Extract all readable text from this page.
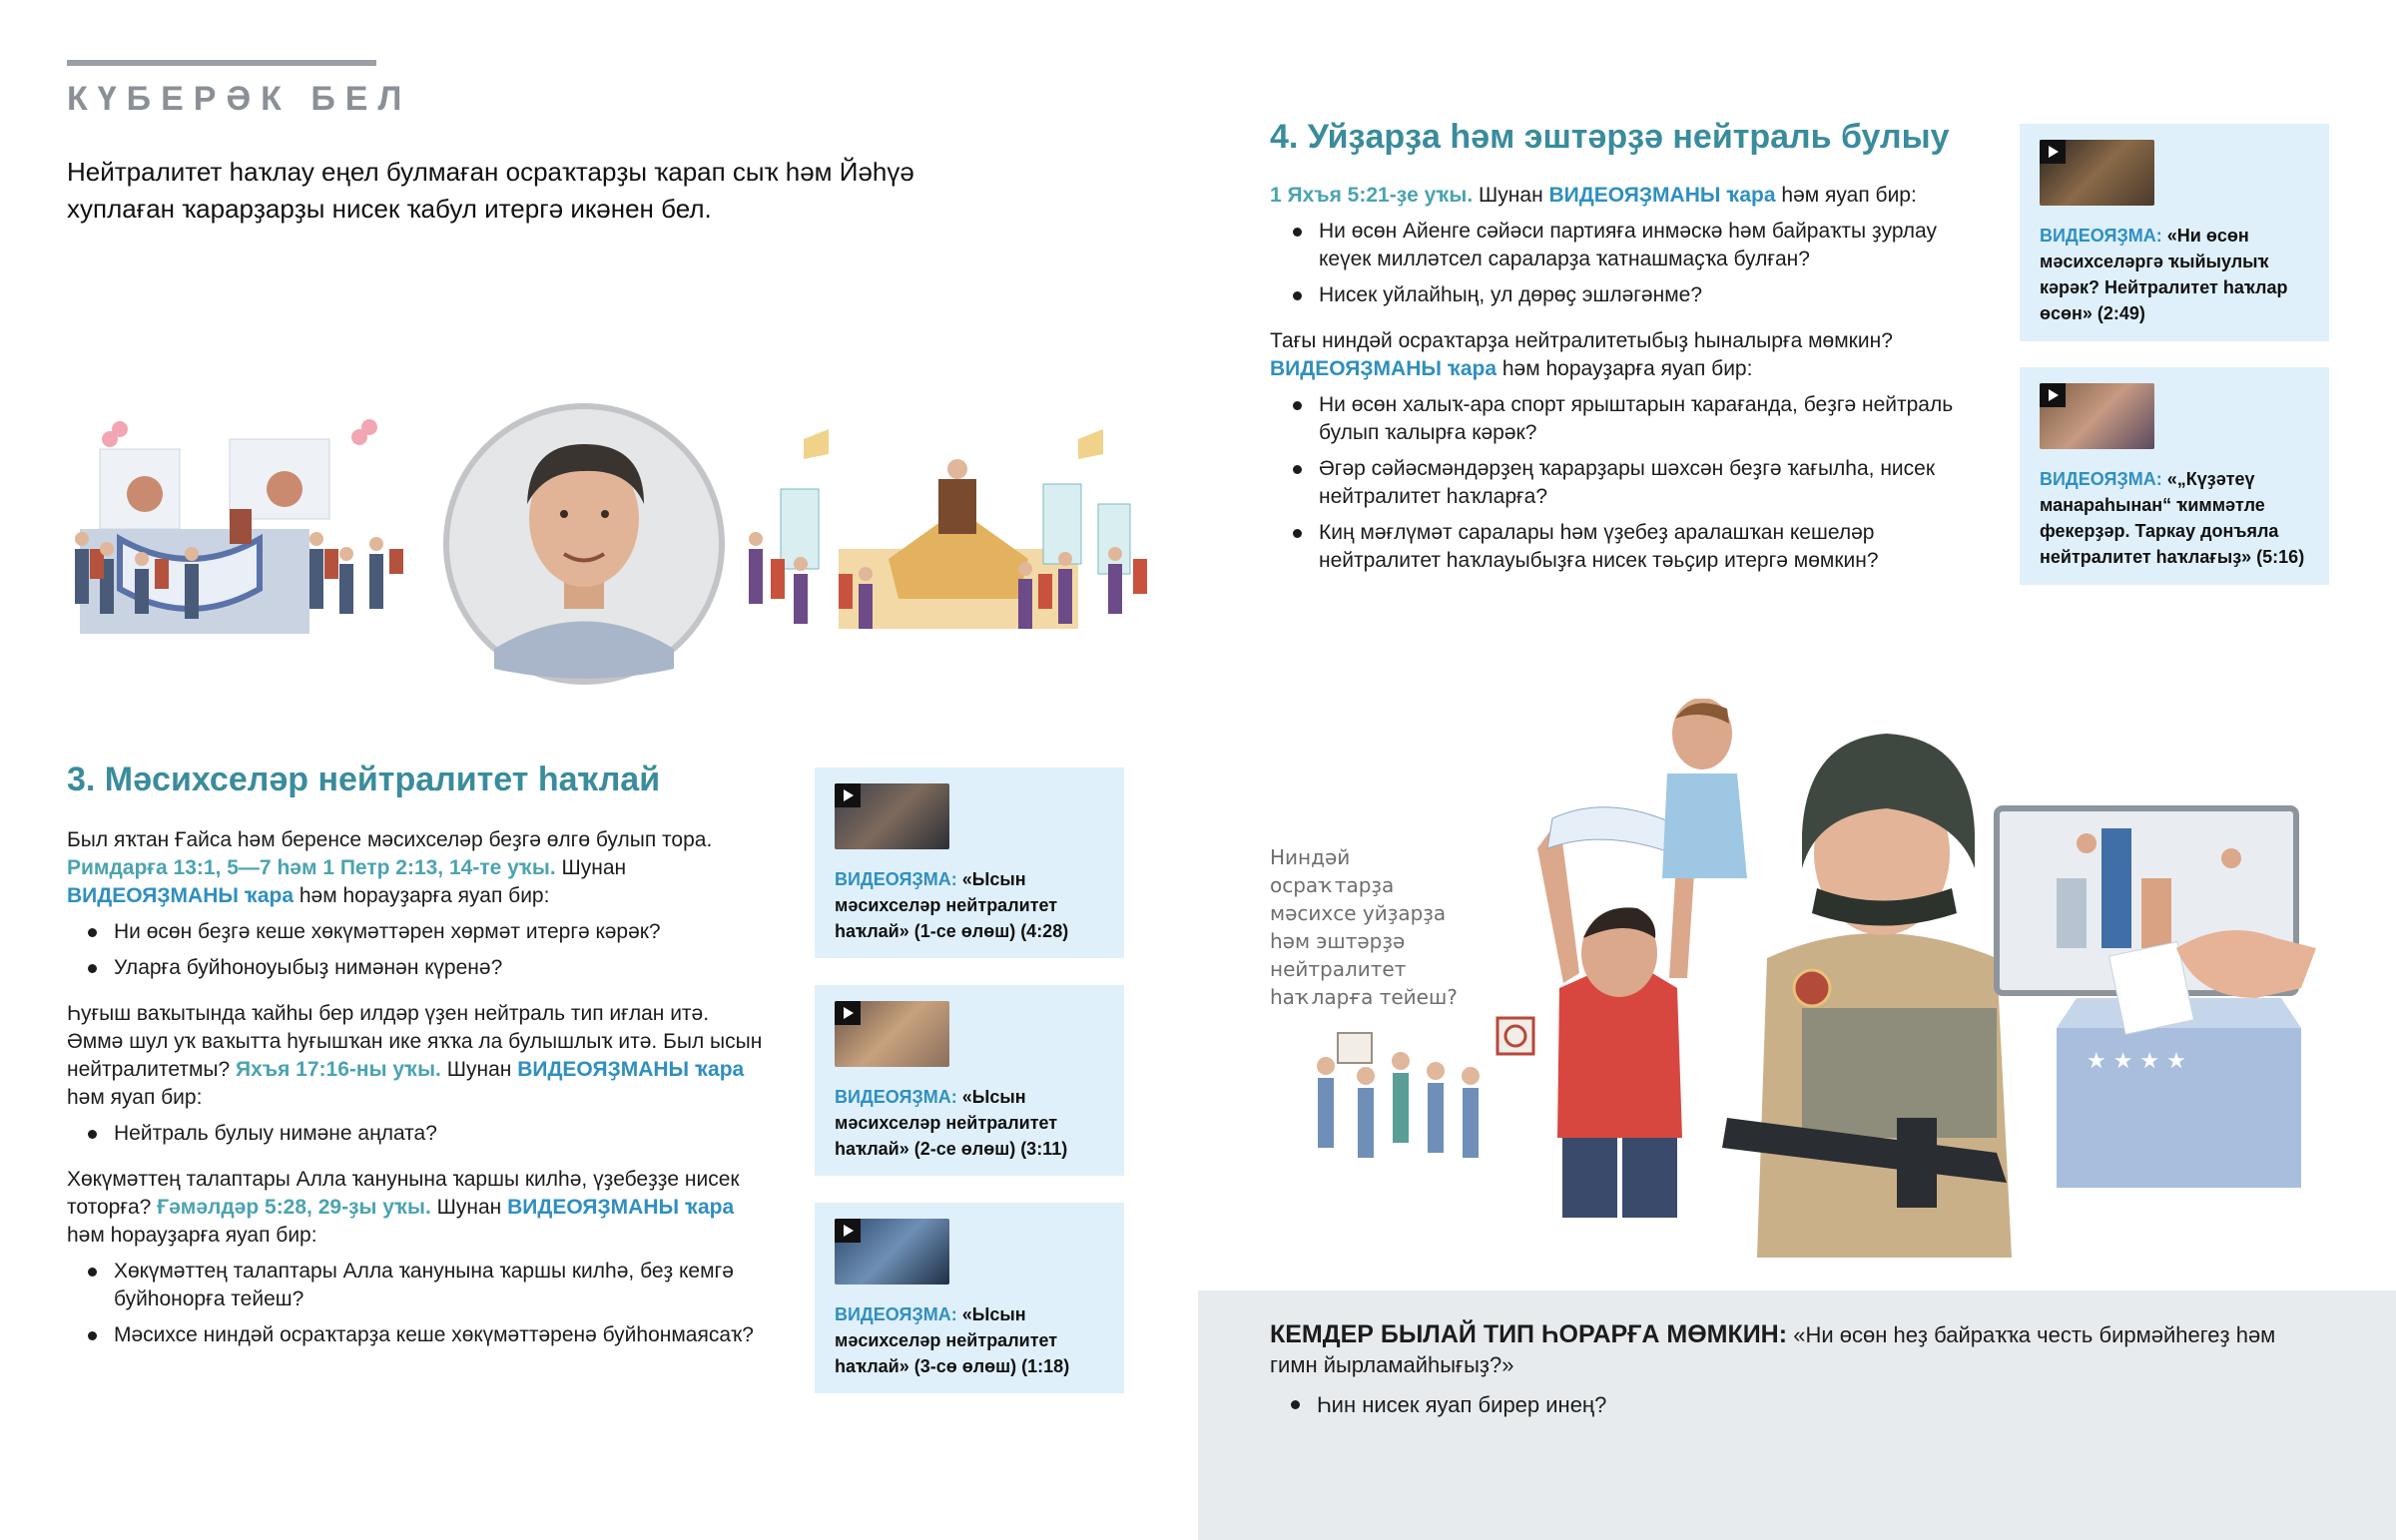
КҮБЕРӘК БЕЛ
Нейтралитет һаҡлау еңел булмаған осраҡтарҙы ҡарап сыҡ һәм Йәһүә хуплаған ҡарарҙарҙы нисек ҡабул итергә икәнен бел.
3. Мәсихселәр нейтралитет һаҡлай
Был яҡтан Ғайса һәм беренсе мәсихселәр беҙгә өлгө булып тора. Римдарға 13:1, 5—7 һәм 1 Петр 2:13, 14-те уҡы. Шунан ВИДЕОЯҘМАНЫ ҡара һәм һорауҙарға яуап бир:
Ни өсөн беҙгә кеше хөкүмәттәрен хөрмәт итергә кәрәк?
Уларға буйһоноуыбыҙ нимәнән күренә?
Һуғыш ваҡытында ҡайһы бер илдәр үҙен нейтраль тип иғлан итә. Әммә шул уҡ ваҡытта һуғышҡан ике яҡҡа ла булышлыҡ итә. Был ысын нейтралитетмы? Яхъя 17:16-ны уҡы. Шунан ВИДЕОЯҘМАНЫ ҡара һәм яуап бир:
Нейтраль булыу нимәне аңлата?
Хөкүмәттең талаптары Алла ҡанунына ҡаршы килһә, үҙебеҙҙе нисек тоторға? Ғәмәлдәр 5:28, 29-ҙы уҡы. Шунан ВИДЕОЯҘМАНЫ ҡара һәм һорауҙарға яуап бир:
Хөкүмәттең талаптары Алла ҡанунына ҡаршы килһә, беҙ кемгә буйһонорға тейеш?
Мәсихсе ниндәй осраҡтарҙа кеше хөкүмәттәренә буйһонмаясаҡ?
ВИДЕОЯҘМА: «Ысын мәсихселәр нейтралитет һаҡлай» (1-се өлөш) (4:28)
ВИДЕОЯҘМА: «Ысын мәсихселәр нейтралитет һаҡлай» (2-се өлөш) (3:11)
ВИДЕОЯҘМА: «Ысын мәсихселәр нейтралитет һаҡлай» (3-сө өлөш) (1:18)
4. Уйҙарҙа һәм эштәрҙә нейтраль булыу
1 Яхъя 5:21-ҙе уҡы. Шунан ВИДЕОЯҘМАНЫ ҡара һәм яуап бир:
Ни өсөн Айенге сәйәси партияға инмәскә һәм байраҡты ҙурлау кеүек милләтсел сараларҙа ҡатнашмаҫҡа булған?
Нисек уйлайһың, ул дөрөҫ эшләгәнме?
Тағы ниндәй осраҡтарҙа нейтралитетыбыҙ һыналырға мөмкин? ВИДЕОЯҘМАНЫ ҡара һәм һорауҙарға яуап бир:
Ни өсөн халыҡ-ара спорт ярыштарын ҡарағанда, беҙгә нейтраль булып ҡалырға кәрәк?
Әгәр сәйәсмәндәрҙең ҡарарҙары шәхсән беҙгә ҡағылһа, нисек нейтралитет һаҡларға?
Киң мәғлүмәт саралары һәм үҙебеҙ аралашҡан кешеләр нейтралитет һаҡлауыбыҙға нисек тәьҫир итергә мөмкин?
ВИДЕОЯҘМА: «Ни өсөн мәсихселәргә ҡыйыулыҡ кәрәк? Нейтралитет һаҡлар өсөн» (2:49)
ВИДЕОЯҘМА: «„Күҙәтеү манараһынан“ ҡиммәтле фекерҙәр. Таркау донъяла нейтралитет һаҡлағыҙ» (5:16)
Ниндәй осраҡтарҙа мәсихсе уйҙарҙа һәм эштәрҙә нейтралитет һаҡларға тейеш?
★ ★ ★ ★
КЕМДЕР БЫЛАЙ ТИП ҺОРАРҒА МӨМКИН: «Ни өсөн һеҙ байраҡҡа честь бирмәйһегеҙ һәм гимн йырламайһығыҙ?»
Һин нисек яуап бирер инең?
